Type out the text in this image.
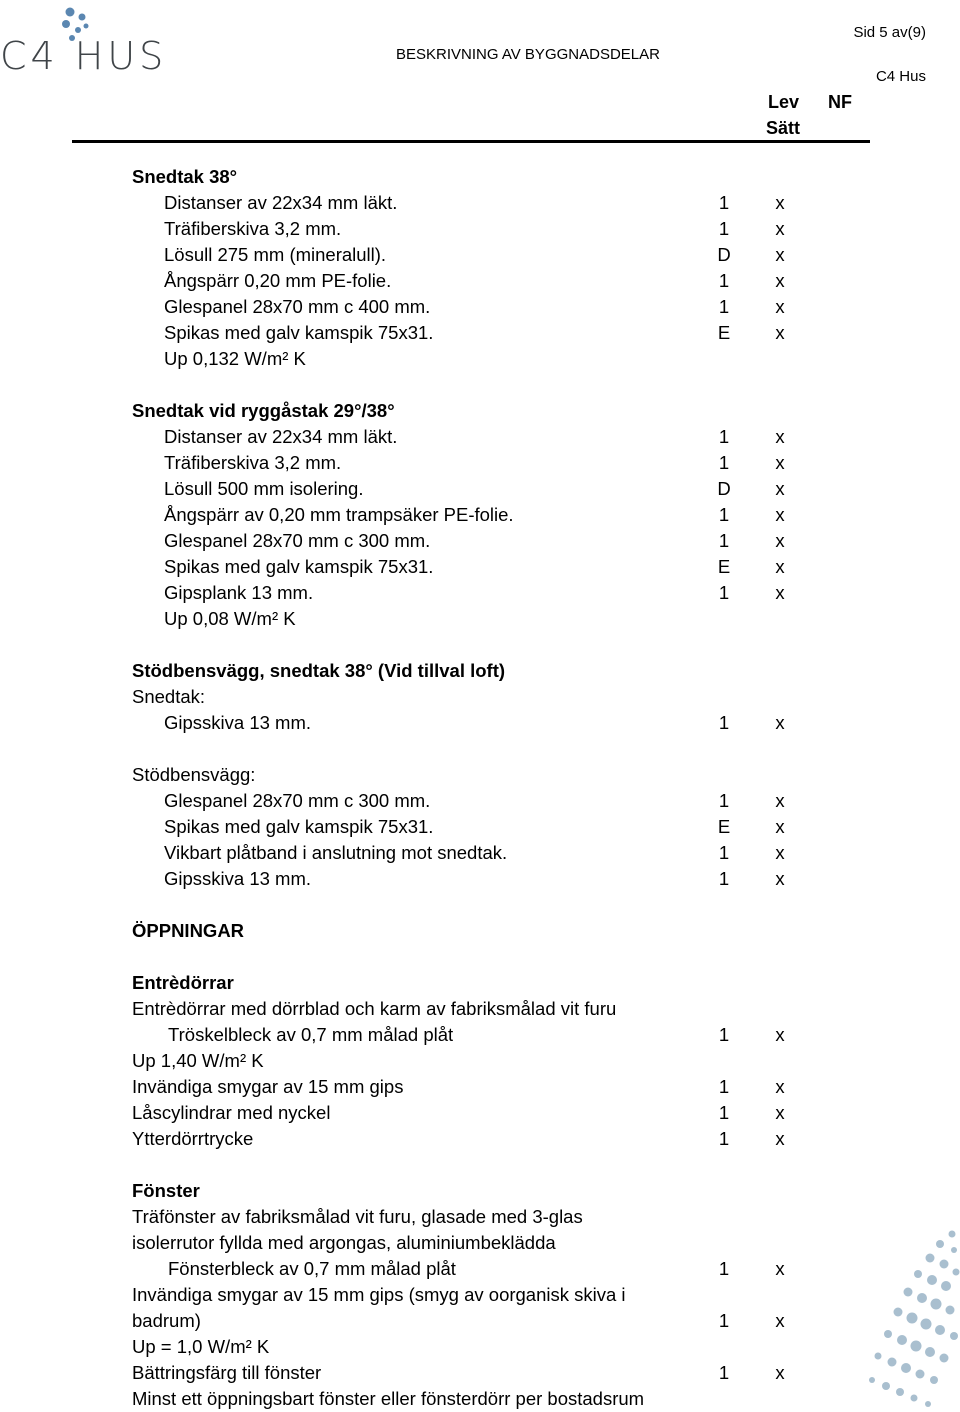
C4 HUS
Sid 5 av(9)
BESKRIVNING AV BYGGNADSDELAR
C4 Hus
Lev
Sätt
NF
Snedtak 38°
Distanser av 22x34 mm läkt.	1 x
Träfiberskiva 3,2 mm.	1 x
Lösull 275 mm (mineralull).	D x
Ångspärr 0,20 mm PE-folie.	1 x
Glespanel 28x70 mm c 400 mm.	1 x
Spikas med galv kamspik 75x31.	E x
Up 0,132 W/m² K
Snedtak vid ryggåstak 29°/38°
Distanser av 22x34 mm läkt.	1 x
Träfiberskiva 3,2 mm.	1 x
Lösull 500 mm isolering.	D x
Ångspärr av 0,20 mm trampsäker PE-folie.	1 x
Glespanel 28x70 mm c 300 mm.	1 x
Spikas med galv kamspik 75x31.	E x
Gipsplank 13 mm.	1 x
Up 0,08 W/m² K
Stödbensvägg, snedtak 38° (Vid tillval loft)
Snedtak:
Gipsskiva 13 mm.	1 x
Stödbensvägg:
Glespanel 28x70 mm c 300 mm.	1 x
Spikas med galv kamspik 75x31.	E x
Vikbart plåtband i anslutning mot snedtak.	1 x
Gipsskiva 13 mm.	1 x
ÖPPNINGAR
Entrèdörrar
Entrèdörrar med dörrblad och karm av fabriksmålad vit furu
Tröskelbleck av 0,7 mm målad plåt	1 x
Up 1,40 W/m² K
Invändiga smygar av 15 mm gips	1 x
Låscylindrar med nyckel	1 x
Ytterdörrtrycke	1 x
Fönster
Träfönster av fabriksmålad vit furu, glasade med 3-glas
isolerrutor fyllda med argongas, aluminiumbeklädda
Fönsterbleck av 0,7 mm målad plåt	1 x
Invändiga smygar av 15 mm gips (smyg av oorganisk skiva i
badrum)	1 x
Up = 1,0 W/m² K
Bättringsfärg till fönster	1 x
Minst ett öppningsbart fönster eller fönsterdörr per bostadsrum
